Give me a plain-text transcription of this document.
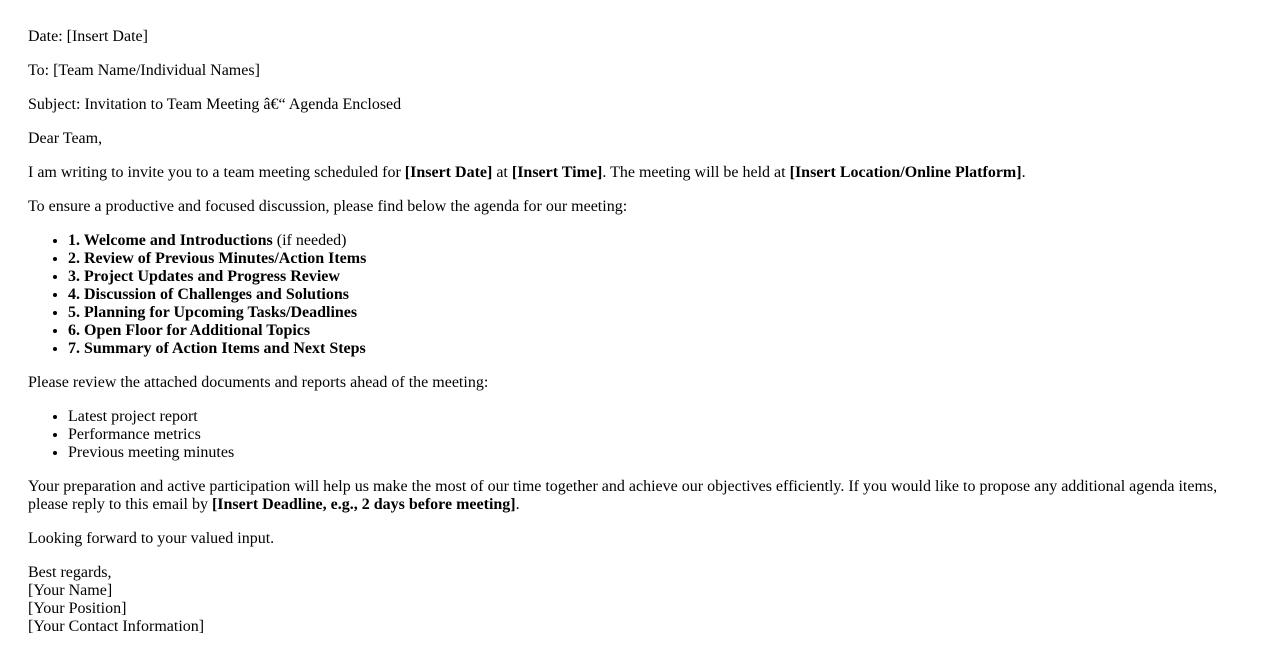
Date: [Insert Date]

To: [Team Name/Individual Names]

Subject: Invitation to Team Meeting â€“ Agenda Enclosed

Dear Team,

I am writing to invite you to a team meeting scheduled for [Insert Date] at [Insert Time]. The meeting will be held at [Insert Location/Online Platform].

To ensure a productive and focused discussion, please find below the agenda for our meeting:

• 1. Welcome and Introductions (if needed)
• 2. Review of Previous Minutes/Action Items
• 3. Project Updates and Progress Review
• 4. Discussion of Challenges and Solutions
• 5. Planning for Upcoming Tasks/Deadlines
• 6. Open Floor for Additional Topics
• 7. Summary of Action Items and Next Steps

Please review the attached documents and reports ahead of the meeting:

• Latest project report
• Performance metrics
• Previous meeting minutes

Your preparation and active participation will help us make the most of our time together and achieve our objectives efficiently. If you would like to propose any additional agenda items, please reply to this email by [Insert Deadline, e.g., 2 days before meeting].

Looking forward to your valued input.

Best regards,
[Your Name]
[Your Position]
[Your Contact Information]
